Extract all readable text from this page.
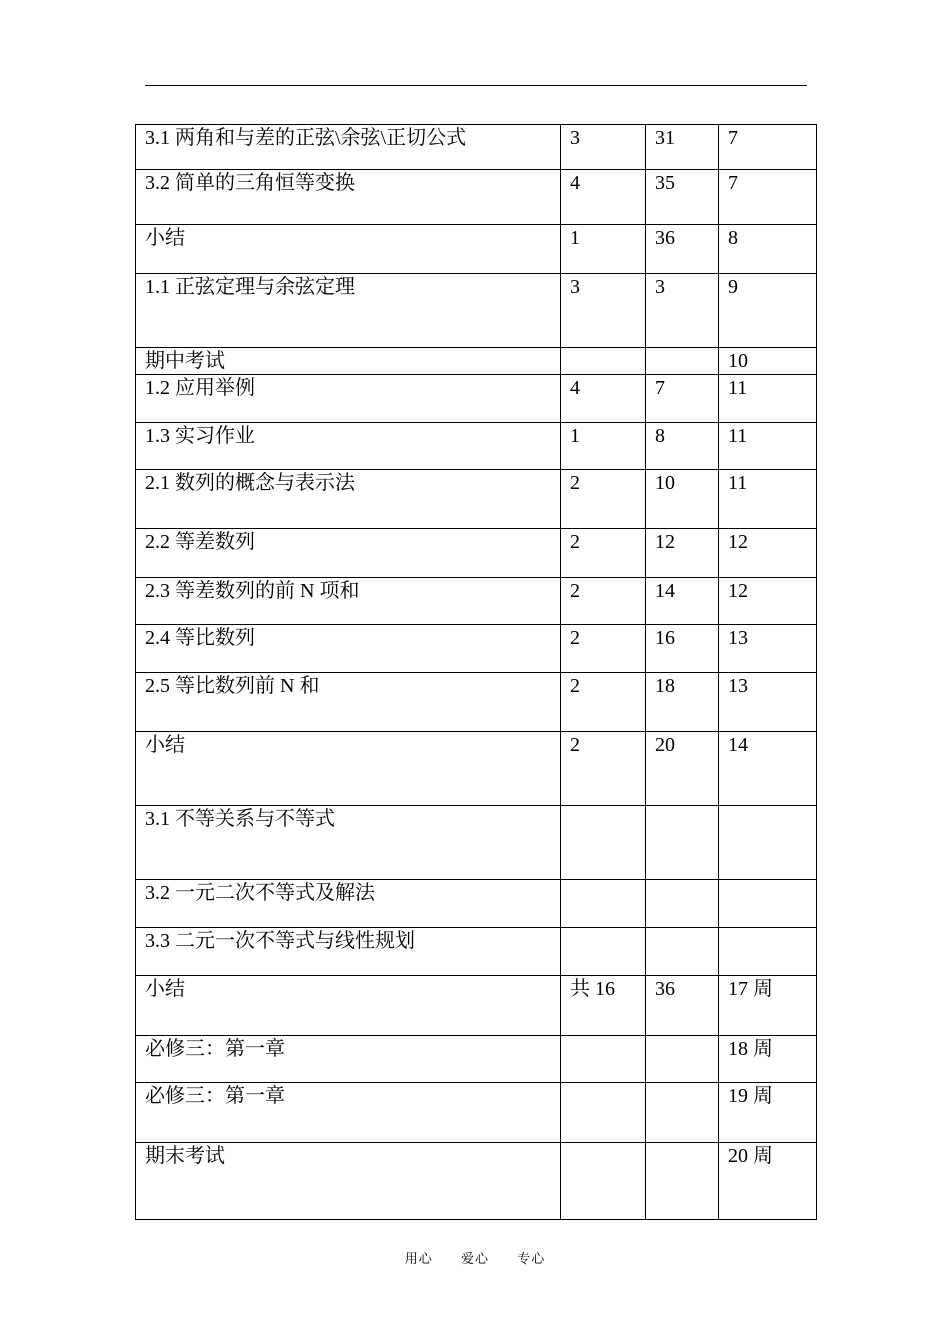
3.1 两角和与差的正弦\余弦\正切公式	3	31	7
3.2 简单的三角恒等变换	4	35	7
小结	1	36	8
1.1 正弦定理与余弦定理	3	3	9
期中考试			10
1.2 应用举例	4	7	11
1.3 实习作业	1	8	11
2.1 数列的概念与表示法	2	10	11
2.2 等差数列	2	12	12
2.3 等差数列的前 N 项和	2	14	12
2.4 等比数列	2	16	13
2.5 等比数列前 N 和	2	18	13
小结	2	20	14
3.1 不等关系与不等式			
3.2 一元二次不等式及解法			
3.3 二元一次不等式与线性规划			
小结	共 16	36	17 周
必修三：第一章			18 周
必修三：第一章			19 周
期末考试			20 周
用心 爱心 专心
